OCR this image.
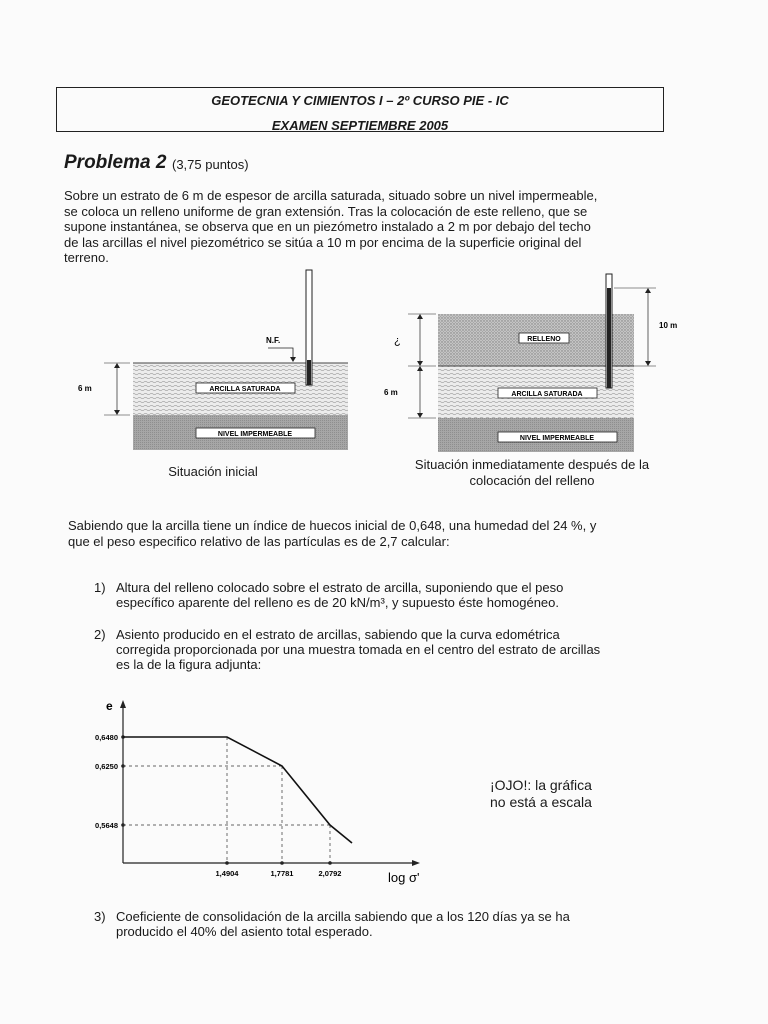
GEOTECNIA Y CIMIENTOS I – 2º CURSO PIE - IC
EXAMEN SEPTIEMBRE 2005
Problema 2 (3,75 puntos)
Sobre un estrato de 6 m de espesor de arcilla saturada, situado sobre un nivel impermeable,
se coloca un relleno uniforme de gran extensión. Tras la colocación de este relleno, que se
supone instantánea, se observa que en un piezómetro instalado a 2 m por debajo del techo
de las arcillas el nivel piezométrico se sitúa a 10 m por encima de la superficie original del
terreno.
N.F.
6 m	ARCILLA SATURADA
NIVEL IMPERMEABLE
10 m
¿
6 m
RELLENO
ARCILLA SATURADA
NIVEL IMPERMEABLE
Situación inicial	Situación inmediatamente después de la
colocación del relleno
Sabiendo que la arcilla tiene un índice de huecos inicial de 0,648, una humedad del 24 %, y
que el peso especifico relativo de las partículas es de 2,7 calcular:
1) Altura del relleno colocado sobre el estrato de arcilla, suponiendo que el peso
específico aparente del relleno es de 20 kN/m³, y supuesto éste homogéneo.
2) Asiento producido en el estrato de arcillas, sabiendo que la curva edométrica
corregida proporcionada por una muestra tomada en el centro del estrato de arcillas
es la de la figura adjunta:
e
log σ'
0,6480
0,6250
0,5648
1,4904	1,7781	2,0792
¡OJO!: la gráfica
no está a escala
3) Coeficiente de consolidación de la arcilla sabiendo que a los 120 días ya se ha
producido el 40% del asiento total esperado.
